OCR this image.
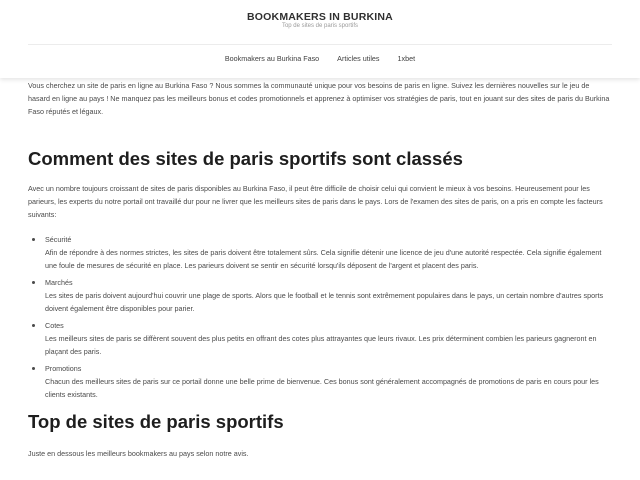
BOOKMAKERS IN BURKINA
Top de sites de paris sportifs
Bookmakers au Burkina Faso	Articles utiles	1xbet

Vous cherchez un site de paris en ligne au Burkina Faso ? Nous sommes la communauté unique pour vos besoins de paris en ligne. Suivez les dernières nouvelles sur le jeu de hasard en ligne au pays ! Ne manquez pas les meilleurs bonus et codes promotionnels et apprenez à optimiser vos stratégies de paris, tout en jouant sur des sites de paris du Burkina Faso réputés et légaux.

Comment des sites de paris sportifs sont classés

Avec un nombre toujours croissant de sites de paris disponibles au Burkina Faso, il peut être difficile de choisir celui qui convient le mieux à vos besoins. Heureusement pour les parieurs, les experts du notre portail ont travaillé dur pour ne livrer que les meilleurs sites de paris dans le pays. Lors de l'examen des sites de paris, on a pris en compte les facteurs suivants:

Sécurité
Afin de répondre à des normes strictes, les sites de paris doivent être totalement sûrs. Cela signifie détenir une licence de jeu d'une autorité respectée. Cela signifie également une foule de mesures de sécurité en place. Les parieurs doivent se sentir en sécurité lorsqu'ils déposent de l'argent et placent des paris.
Marchés
Les sites de paris doivent aujourd'hui couvrir une plage de sports. Alors que le football et le tennis sont extrêmement populaires dans le pays, un certain nombre d'autres sports doivent également être disponibles pour parier.
Cotes
Les meilleurs sites de paris se diffèrent souvent des plus petits en offrant des cotes plus attrayantes que leurs rivaux. Les prix déterminent combien les parieurs gagneront en plaçant des paris.
Promotions
Chacun des meilleurs sites de paris sur ce portail donne une belle prime de bienvenue. Ces bonus sont généralement accompagnés de promotions de paris en cours pour les clients existants.
Top de sites de paris sportifs

Juste en dessous les meilleurs bookmakers au pays selon notre avis.
